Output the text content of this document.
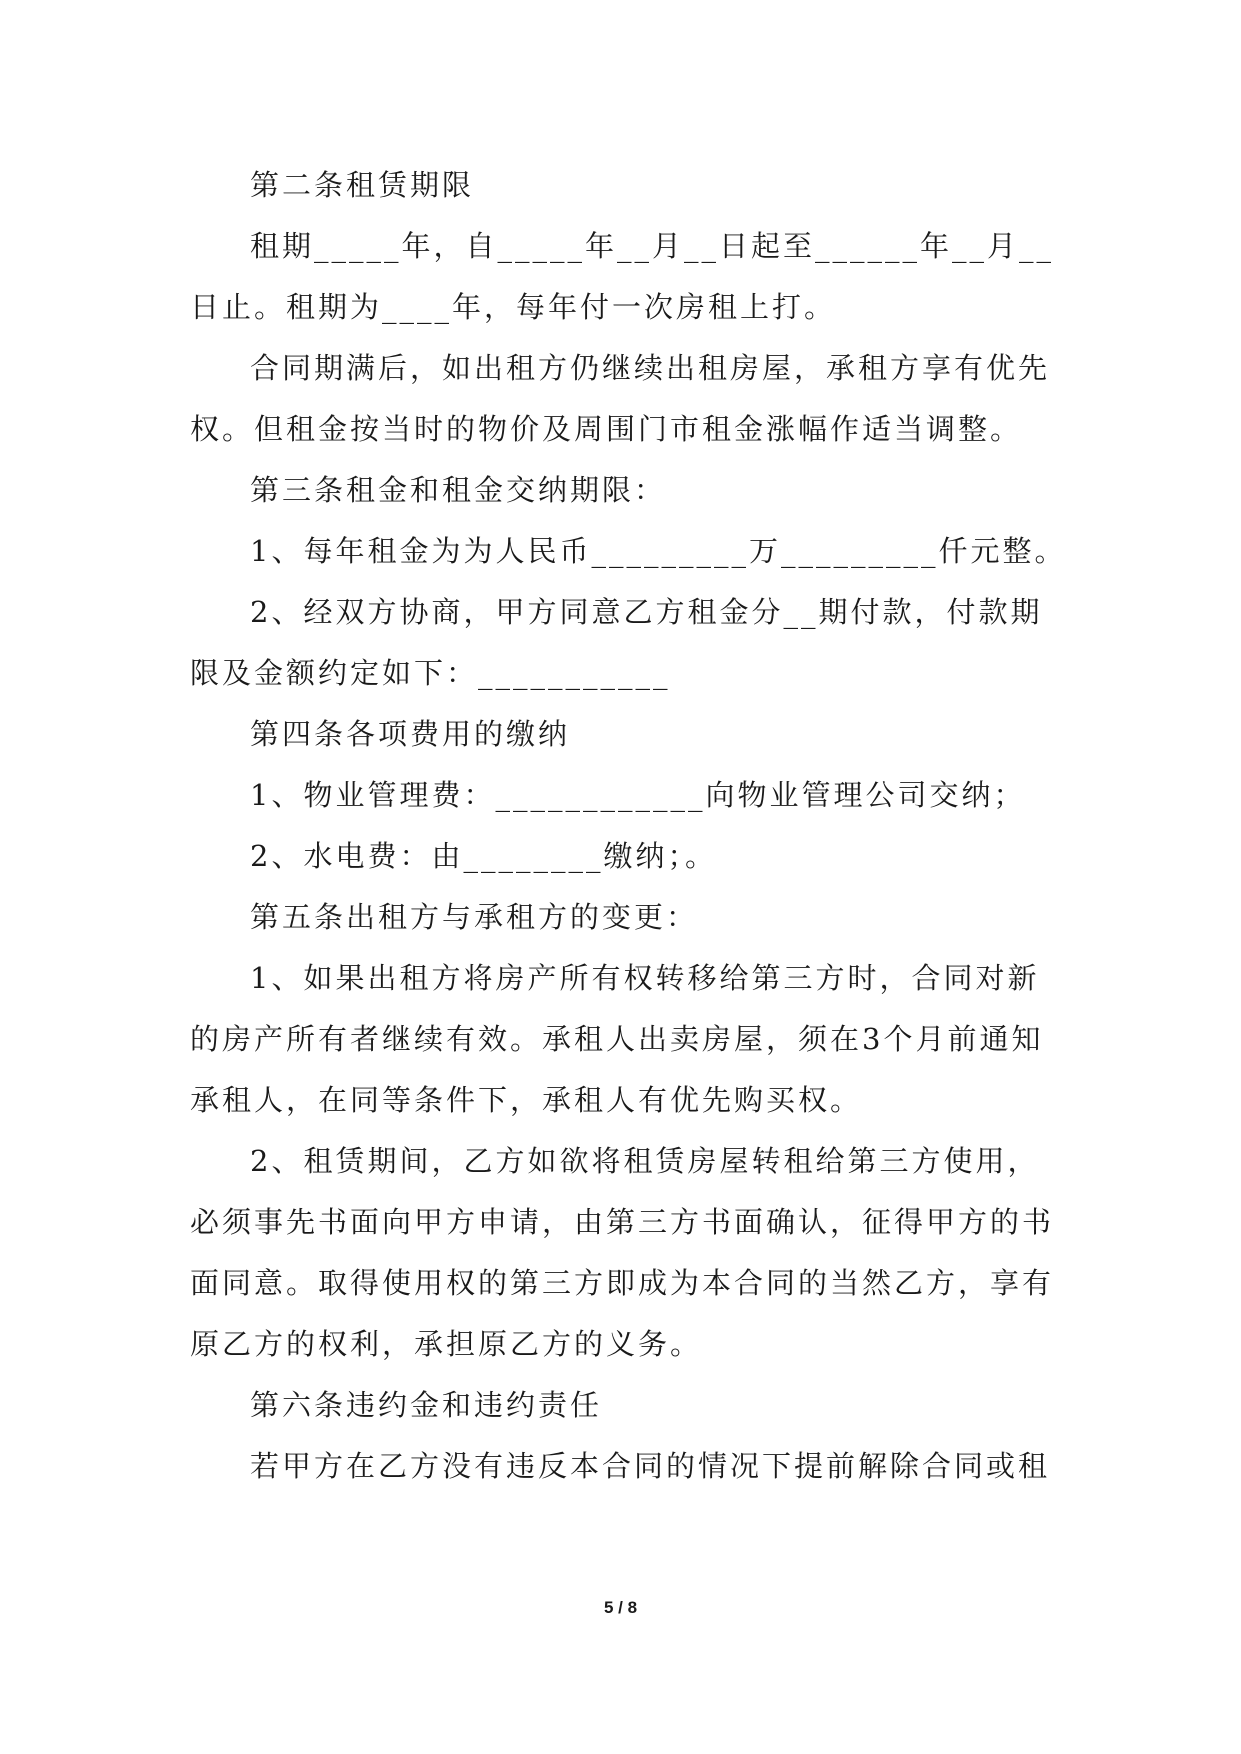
第二条租赁期限

租期_____年，自_____年__月__日起至______年__月__日止。租期为____年，每年付一次房租上打。

合同期满后，如出租方仍继续出租房屋，承租方享有优先权。但租金按当时的物价及周围门市租金涨幅作适当调整。

第三条租金和租金交纳期限：

1、每年租金为为人民币_________万_________仟元整。

2、经双方协商，甲方同意乙方租金分__期付款，付款期限及金额约定如下：___________

第四条各项费用的缴纳

1、物业管理费：____________向物业管理公司交纳；

2、水电费：由________缴纳；。

第五条出租方与承租方的变更：

1、如果出租方将房产所有权转移给第三方时，合同对新的房产所有者继续有效。承租人出卖房屋，须在3个月前通知承租人，在同等条件下，承租人有优先购买权。

2、租赁期间，乙方如欲将租赁房屋转租给第三方使用，必须事先书面向甲方申请，由第三方书面确认，征得甲方的书面同意。取得使用权的第三方即成为本合同的当然乙方，享有原乙方的权利，承担原乙方的义务。

第六条违约金和违约责任

若甲方在乙方没有违反本合同的情况下提前解除合同或租

5 / 8
